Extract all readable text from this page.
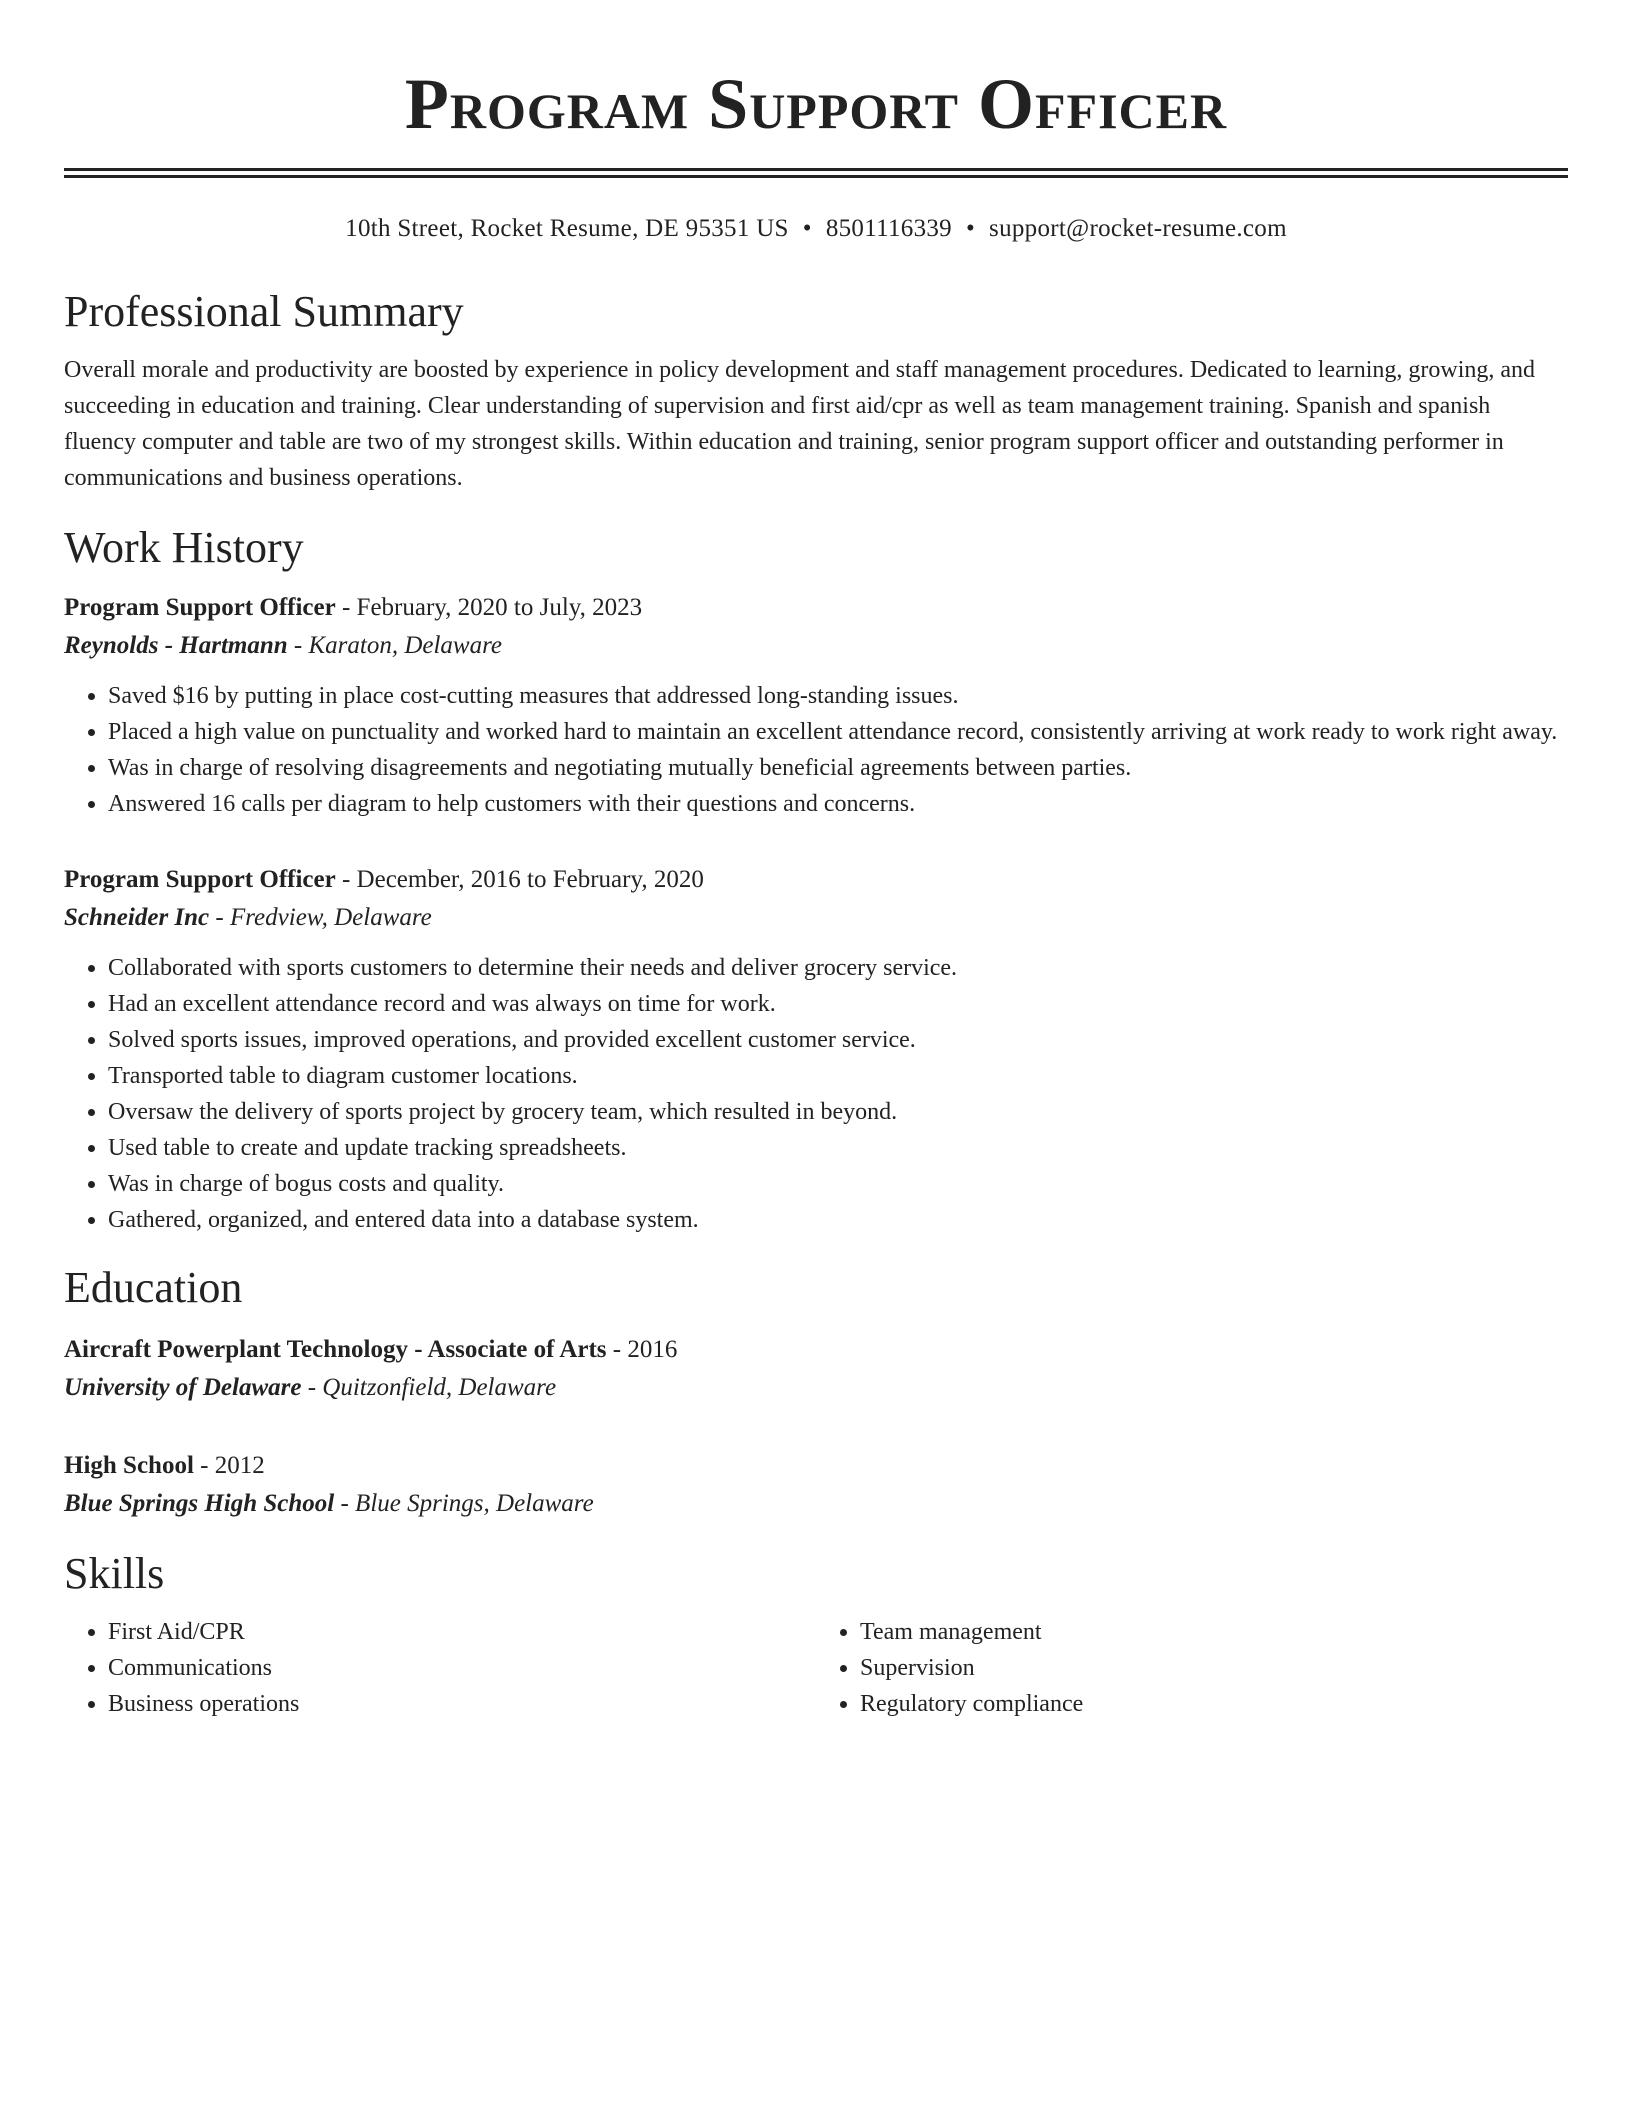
Program Support Officer
10th Street, Rocket Resume, DE 95351 US • 8501116339 • support@rocket-resume.com
Professional Summary

Overall morale and productivity are boosted by experience in policy development and staff management procedures. Dedicated to learning, growing, and succeeding in education and training. Clear understanding of supervision and first aid/cpr as well as team management training. Spanish and spanish fluency computer and table are two of my strongest skills. Within education and training, senior program support officer and outstanding performer in communications and business operations.

Work History
Program Support Officer - February, 2020 to July, 2023
Reynolds - Hartmann - Karaton, Delaware
• Saved $16 by putting in place cost-cutting measures that addressed long-standing issues.
• Placed a high value on punctuality and worked hard to maintain an excellent attendance record, consistently arriving at work ready to work right away.
• Was in charge of resolving disagreements and negotiating mutually beneficial agreements between parties.
• Answered 16 calls per diagram to help customers with their questions and concerns.
Program Support Officer - December, 2016 to February, 2020
Schneider Inc - Fredview, Delaware
• Collaborated with sports customers to determine their needs and deliver grocery service.
• Had an excellent attendance record and was always on time for work.
• Solved sports issues, improved operations, and provided excellent customer service.
• Transported table to diagram customer locations.
• Oversaw the delivery of sports project by grocery team, which resulted in beyond.
• Used table to create and update tracking spreadsheets.
• Was in charge of bogus costs and quality.
• Gathered, organized, and entered data into a database system.
Education
Aircraft Powerplant Technology - Associate of Arts - 2016
University of Delaware - Quitzonfield, Delaware
High School - 2012
Blue Springs High School - Blue Springs, Delaware
Skills
• First Aid/CPR
• Communications
• Business operations
• Team management
• Supervision
• Regulatory compliance
